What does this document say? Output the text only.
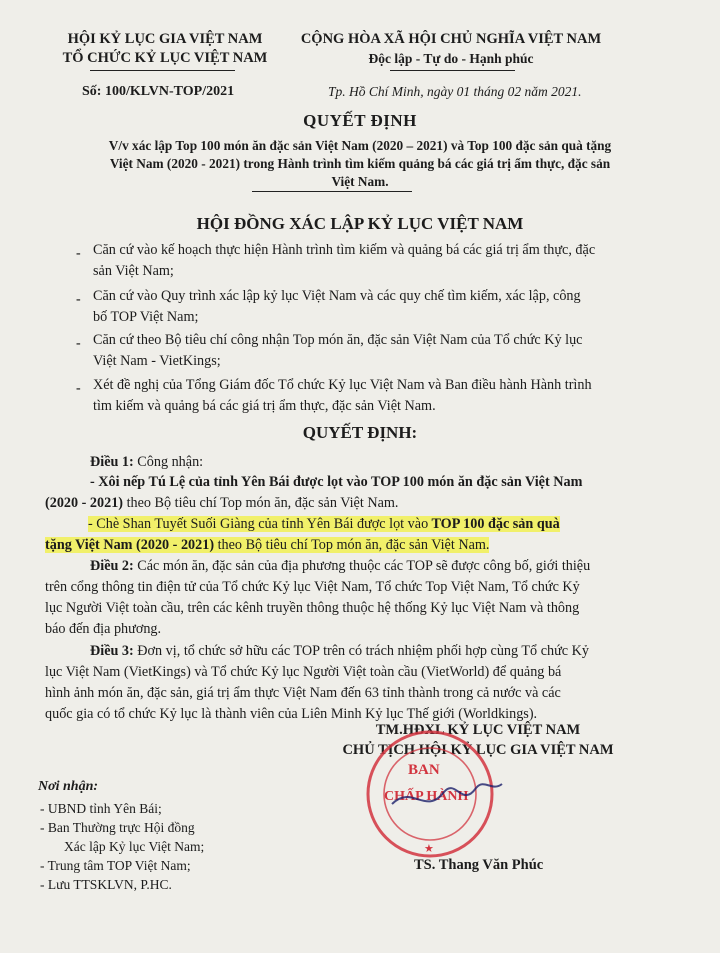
HỘI KỶ LỤC GIA VIỆT NAM
TỔ CHỨC KỶ LỤC VIỆT NAM
CỘNG HÒA XÃ HỘI CHỦ NGHĨA VIỆT NAM
Độc lập - Tự do - Hạnh phúc
Số: 100/KLVN-TOP/2021	Tp. Hồ Chí Minh, ngày 01 tháng 02 năm 2021.
QUYẾT ĐỊNH
V/v xác lập Top 100 món ăn đặc sản Việt Nam (2020 – 2021) và Top 100 đặc sản quà tặng
Việt Nam (2020 - 2021) trong Hành trình tìm kiếm quảng bá các giá trị ẩm thực, đặc sản
Việt Nam.
HỘI ĐỒNG XÁC LẬP KỶ LỤC VIỆT NAM
- Căn cứ vào kế hoạch thực hiện Hành trình tìm kiếm và quảng bá các giá trị ẩm thực, đặc
sản Việt Nam;
- Căn cứ vào Quy trình xác lập kỷ lục Việt Nam và các quy chế tìm kiếm, xác lập, công
bố TOP Việt Nam;
- Căn cứ theo Bộ tiêu chí công nhận Top món ăn, đặc sản Việt Nam của Tổ chức Kỷ lục
Việt Nam - VietKings;
- Xét đề nghị của Tổng Giám đốc Tổ chức Kỷ lục Việt Nam và Ban điều hành Hành trình
tìm kiếm và quảng bá các giá trị ẩm thực, đặc sản Việt Nam.
QUYẾT ĐỊNH:
Điều 1: Công nhận:
- Xôi nếp Tú Lệ của tỉnh Yên Bái được lọt vào TOP 100 món ăn đặc sản Việt Nam
(2020 - 2021) theo Bộ tiêu chí Top món ăn, đặc sản Việt Nam.
- Chè Shan Tuyết Suối Giàng của tỉnh Yên Bái được lọt vào TOP 100 đặc sản quà
tặng Việt Nam (2020 - 2021) theo Bộ tiêu chí Top món ăn, đặc sản Việt Nam.
Điều 2: Các món ăn, đặc sản của địa phương thuộc các TOP sẽ được công bố, giới thiệu
trên cổng thông tin điện tử của Tổ chức Kỷ lục Việt Nam, Tổ chức Top Việt Nam, Tổ chức Kỷ
lục Người Việt toàn cầu, trên các kênh truyền thông thuộc hệ thống Kỷ lục Việt Nam và thông
báo đến địa phương.
Điều 3: Đơn vị, tổ chức sở hữu các TOP trên có trách nhiệm phối hợp cùng Tổ chức Kỷ
lục Việt Nam (VietKings) và Tổ chức Kỷ lục Người Việt toàn cầu (VietWorld) để quảng bá
hình ảnh món ăn, đặc sản, giá trị ẩm thực Việt Nam đến 63 tỉnh thành trong cả nước và các
quốc gia có tổ chức Kỷ lục là thành viên của Liên Minh Kỷ lục Thế giới (Worldkings).
TM.HĐXL KỶ LỤC VIỆT NAM
CHỦ TỊCH HỘI KỶ LỤC GIA VIỆT NAM
★
BAN
CHẤP HÀNH
Nơi nhận:
- UBND tỉnh Yên Bái;
- Ban Thường trực Hội đồng
Xác lập Kỷ lục Việt Nam;
- Trung tâm TOP Việt Nam;
- Lưu TTSKLVN, P.HC.
TS. Thang Văn Phúc
